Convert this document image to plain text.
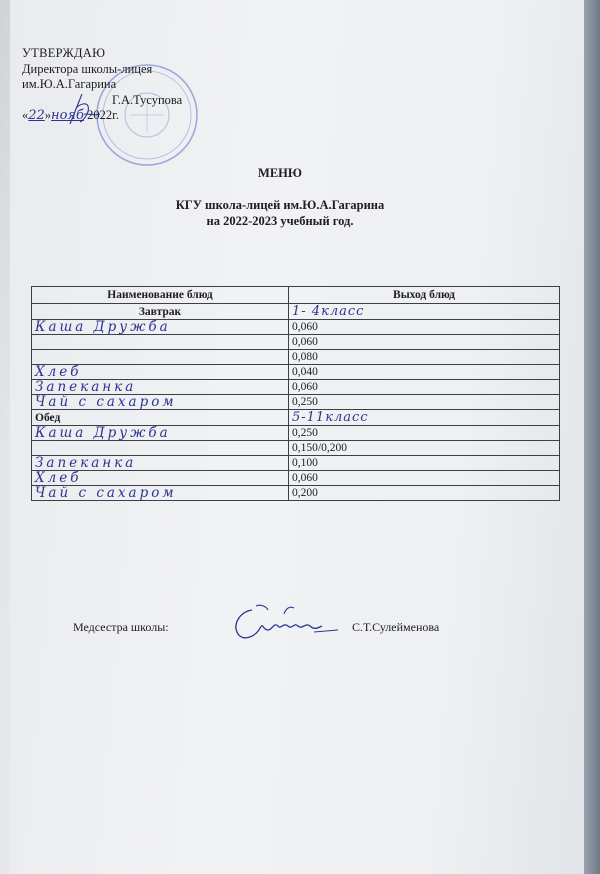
УТВЕРЖДАЮ
Директора школы-лицея
им.Ю.А.Гагарина
Г.А.Тусупова
«22»нояб 2022г.
МЕНЮ
КГУ школа-лицей им.Ю.А.Гагарина
на 2022-2023 учебный год.
Наименование блюд	Выход блюд
Завтрак	1- 4класс
Каша Дружба	0,060
	0,060
	0,080
Хлеб	0,040
Запеканка	0,060
Чай с сахаром	0,250
Обед	5-11класс
Каша Дружба	0,250
	0,150/0,200
Запеканка	0,100
Хлеб	0,060
Чай с сахаром	0,200
Медсестра школы:	С.Т.Сулейменова
